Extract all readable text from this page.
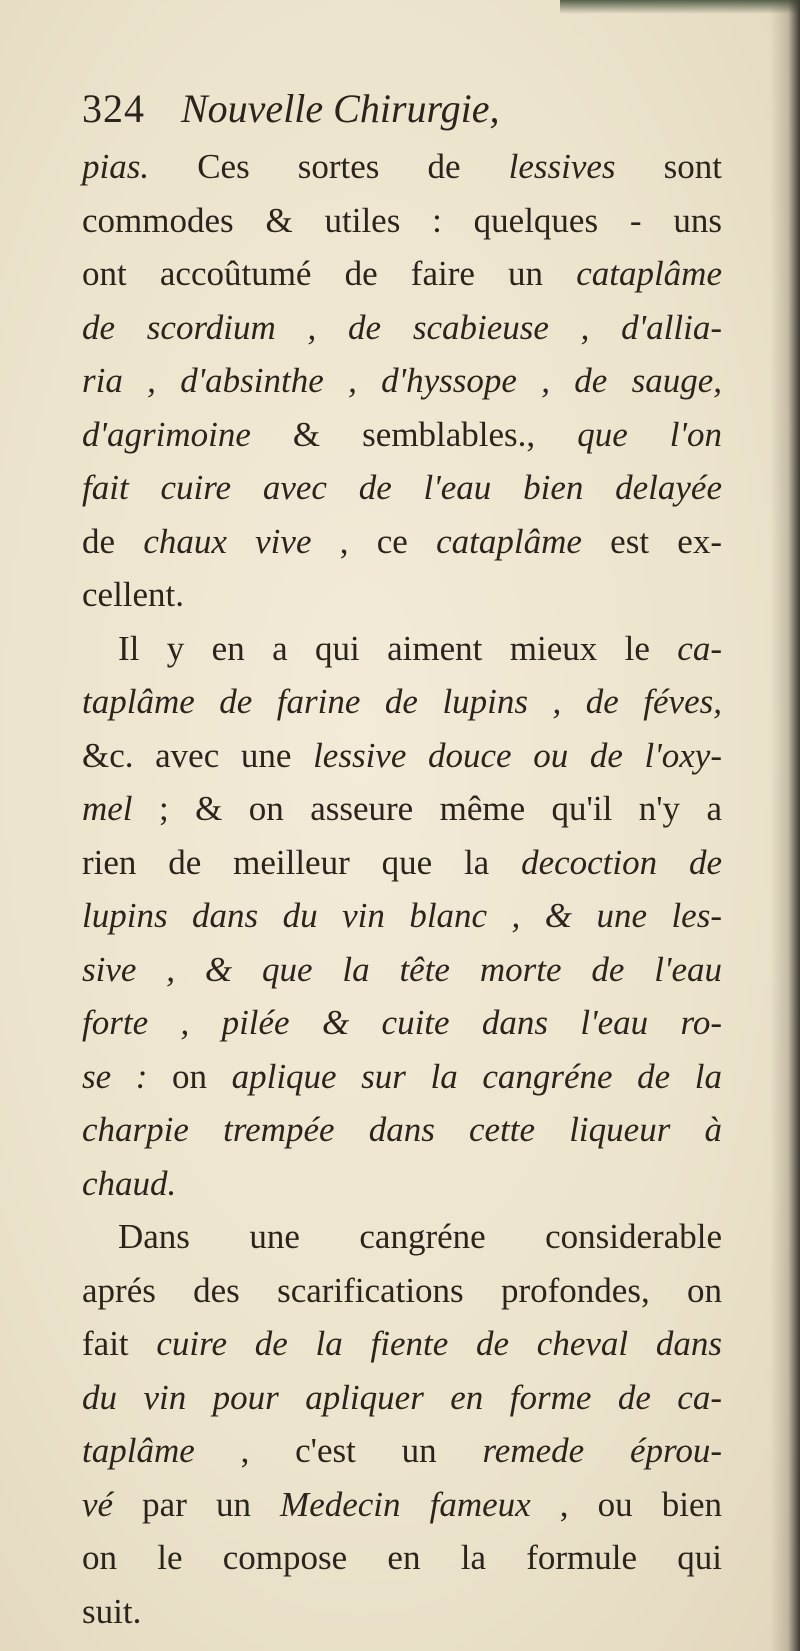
324 Nouvelle Chirurgie,
pias. Ces sortes de lessives sont
commodes & utiles : quelques - uns
ont accoûtumé de faire un cataplâme
de scordium , de scabieuse , d'allia-
ria , d'absinthe , d'hyssope , de sauge,
d'agrimoine & semblables., que l'on
fait cuire avec de l'eau bien delayée
de chaux vive , ce cataplâme est ex-
cellent.
Il y en a qui aiment mieux le ca-
taplâme de farine de lupins , de féves,
&c. avec une lessive douce ou de l'oxy-
mel ; & on asseure même qu'il n'y a
rien de meilleur que la decoction de
lupins dans du vin blanc , & une les-
sive , & que la tête morte de l'eau
forte , pilée & cuite dans l'eau ro-
se : on aplique sur la cangréne de la
charpie trempée dans cette liqueur à
chaud.
Dans une cangréne considerable
aprés des scarifications profondes, on
fait cuire de la fiente de cheval dans
du vin pour apliquer en forme de ca-
taplâme , c'est un remede éprou-
vé par un Medecin fameux , ou bien
on le compose en la formule qui
suit.
